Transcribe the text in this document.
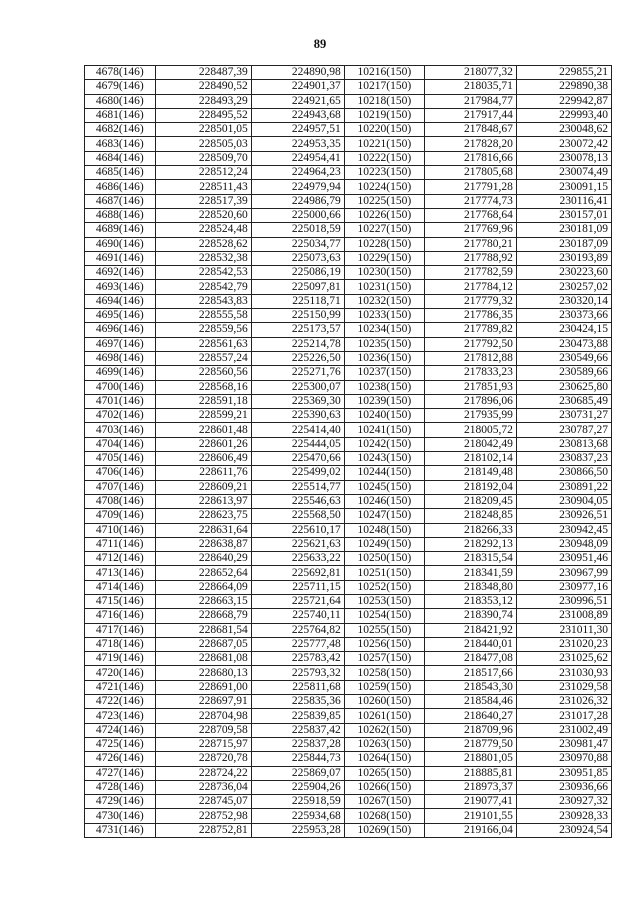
89
4678(146)	228487,39	224890,98	10216(150)	218077,32	229855,21
4679(146)	228490,52	224901,37	10217(150)	218035,71	229890,38
4680(146)	228493,29	224921,65	10218(150)	217984,77	229942,87
4681(146)	228495,52	224943,68	10219(150)	217917,44	229993,40
4682(146)	228501,05	224957,51	10220(150)	217848,67	230048,62
4683(146)	228505,03	224953,35	10221(150)	217828,20	230072,42
4684(146)	228509,70	224954,41	10222(150)	217816,66	230078,13
4685(146)	228512,24	224964,23	10223(150)	217805,68	230074,49
4686(146)	228511,43	224979,94	10224(150)	217791,28	230091,15
4687(146)	228517,39	224986,79	10225(150)	217774,73	230116,41
4688(146)	228520,60	225000,66	10226(150)	217768,64	230157,01
4689(146)	228524,48	225018,59	10227(150)	217769,96	230181,09
4690(146)	228528,62	225034,77	10228(150)	217780,21	230187,09
4691(146)	228532,38	225073,63	10229(150)	217788,92	230193,89
4692(146)	228542,53	225086,19	10230(150)	217782,59	230223,60
4693(146)	228542,79	225097,81	10231(150)	217784,12	230257,02
4694(146)	228543,83	225118,71	10232(150)	217779,32	230320,14
4695(146)	228555,58	225150,99	10233(150)	217786,35	230373,66
4696(146)	228559,56	225173,57	10234(150)	217789,82	230424,15
4697(146)	228561,63	225214,78	10235(150)	217792,50	230473,88
4698(146)	228557,24	225226,50	10236(150)	217812,88	230549,66
4699(146)	228560,56	225271,76	10237(150)	217833,23	230589,66
4700(146)	228568,16	225300,07	10238(150)	217851,93	230625,80
4701(146)	228591,18	225369,30	10239(150)	217896,06	230685,49
4702(146)	228599,21	225390,63	10240(150)	217935,99	230731,27
4703(146)	228601,48	225414,40	10241(150)	218005,72	230787,27
4704(146)	228601,26	225444,05	10242(150)	218042,49	230813,68
4705(146)	228606,49	225470,66	10243(150)	218102,14	230837,23
4706(146)	228611,76	225499,02	10244(150)	218149,48	230866,50
4707(146)	228609,21	225514,77	10245(150)	218192,04	230891,22
4708(146)	228613,97	225546,63	10246(150)	218209,45	230904,05
4709(146)	228623,75	225568,50	10247(150)	218248,85	230926,51
4710(146)	228631,64	225610,17	10248(150)	218266,33	230942,45
4711(146)	228638,87	225621,63	10249(150)	218292,13	230948,09
4712(146)	228640,29	225633,22	10250(150)	218315,54	230951,46
4713(146)	228652,64	225692,81	10251(150)	218341,59	230967,99
4714(146)	228664,09	225711,15	10252(150)	218348,80	230977,16
4715(146)	228663,15	225721,64	10253(150)	218353,12	230996,51
4716(146)	228668,79	225740,11	10254(150)	218390,74	231008,89
4717(146)	228681,54	225764,82	10255(150)	218421,92	231011,30
4718(146)	228687,05	225777,48	10256(150)	218440,01	231020,23
4719(146)	228681,08	225783,42	10257(150)	218477,08	231025,62
4720(146)	228680,13	225793,32	10258(150)	218517,66	231030,93
4721(146)	228691,00	225811,68	10259(150)	218543,30	231029,58
4722(146)	228697,91	225835,36	10260(150)	218584,46	231026,32
4723(146)	228704,98	225839,85	10261(150)	218640,27	231017,28
4724(146)	228709,58	225837,42	10262(150)	218709,96	231002,49
4725(146)	228715,97	225837,28	10263(150)	218779,50	230981,47
4726(146)	228720,78	225844,73	10264(150)	218801,05	230970,88
4727(146)	228724,22	225869,07	10265(150)	218885,81	230951,85
4728(146)	228736,04	225904,26	10266(150)	218973,37	230936,66
4729(146)	228745,07	225918,59	10267(150)	219077,41	230927,32
4730(146)	228752,98	225934,68	10268(150)	219101,55	230928,33
4731(146)	228752,81	225953,28	10269(150)	219166,04	230924,54
